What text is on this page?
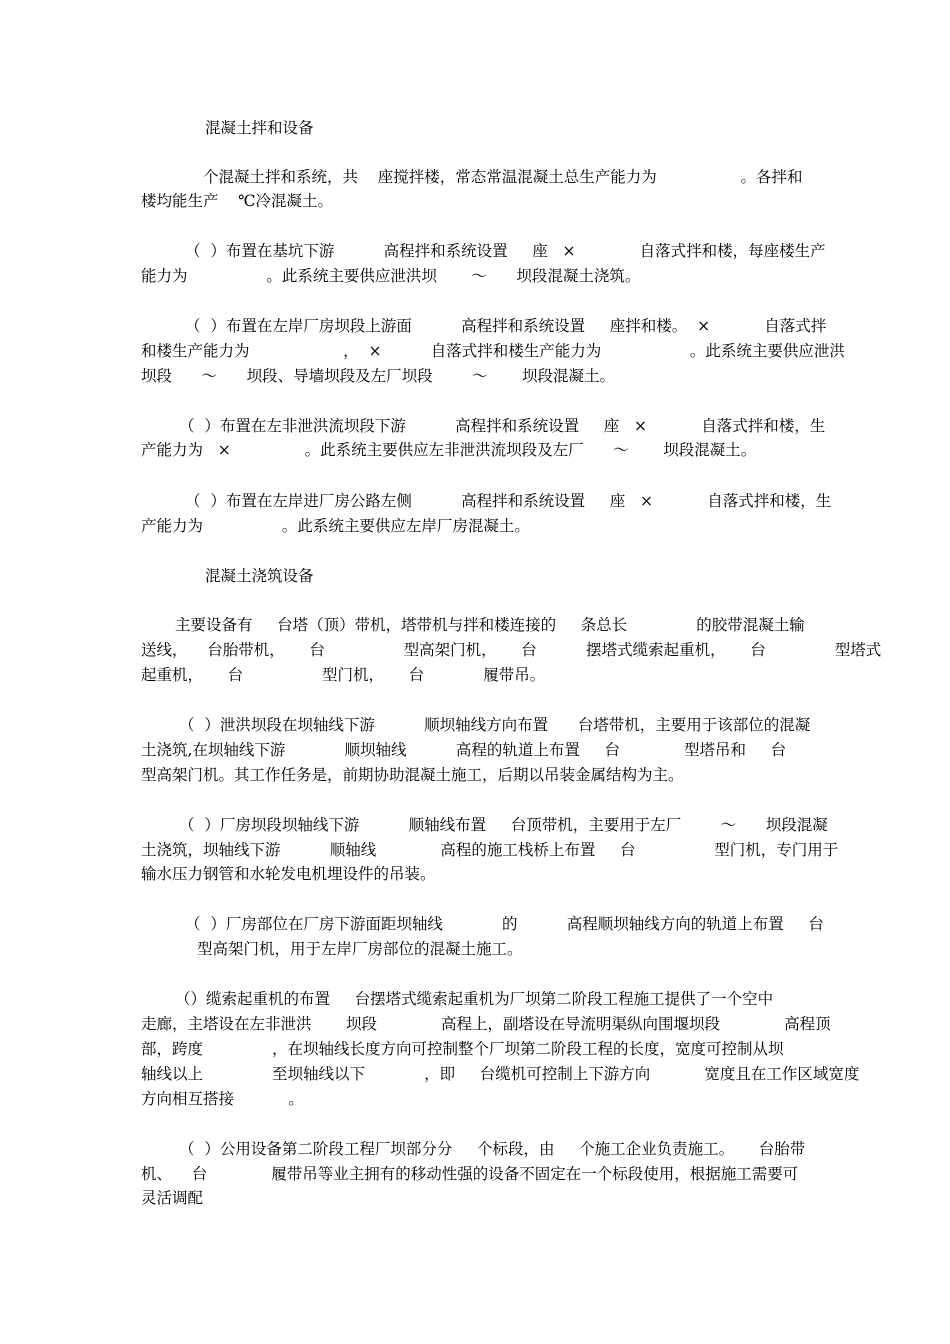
混凝土拌和设备
个混凝土拌和系统，共    座搅拌楼，常态常温混凝土总生产能力为                 。各拌和
楼均能生产    ℃冷混凝土。
（  ）布置在基坑下游          高程拌和系统设置     座   ×             自落式拌和楼，每座楼生产
能力为                。此系统主要供应泄洪坝       ～      坝段混凝土浇筑。
（  ）布置在左岸厂房坝段上游面          高程拌和系统设置     座拌和楼。  ×           自落式拌
和楼生产能力为                   ，  ×          自落式拌和楼生产能力为                  。此系统主要供应泄洪
坝段      ～      坝段、导墙坝段及左厂坝段        ～       坝段混凝土。
（  ）布置在左非泄洪流坝段下游          高程拌和系统设置     座   ×           自落式拌和楼，生
产能力为   ×               。此系统主要供应左非泄洪流坝段及左厂      ～       坝段混凝土。
（  ）布置在左岸进厂房公路左侧          高程拌和系统设置     座   ×           自落式拌和楼，生
产能力为                。此系统主要供应左岸厂房混凝土。
混凝土浇筑设备
主要设备有     台塔（顶）带机，塔带机与拌和楼连接的     条总长              的胶带混凝土输
送线，    台胎带机，     台                型高架门机，     台          摆塔式缆索起重机，     台              型塔式
起重机，     台                型门机，     台            履带吊。
（  ）泄洪坝段在坝轴线下游          顺坝轴线方向布置      台塔带机，主要用于该部位的混凝
土浇筑,在坝轴线下游            顺坝轴线          高程的轨道上布置     台             型塔吊和     台
型高架门机。其工作任务是，前期协助混凝土施工，后期以吊装金属结构为主。
（  ）厂房坝段坝轴线下游          顺轴线布置     台顶带机，主要用于左厂        ～      坝段混凝
土浇筑，坝轴线下游          顺轴线             高程的施工栈桥上布置     台                型门机，专门用于
输水压力钢管和水轮发电机埋设件的吊装。
（  ）厂房部位在厂房下游面距坝轴线            的          高程顺坝轴线方向的轨道上布置     台
型高架门机，用于左岸厂房部位的混凝土施工。
（）缆索起重机的布置     台摆塔式缆索起重机为厂坝第二阶段工程施工提供了一个空中
走廊，主塔设在左非泄洪       坝段             高程上，副塔设在导流明渠纵向围堰坝段             高程顶
部，跨度              ，在坝轴线长度方向可控制整个厂坝第二阶段工程的长度，宽度可控制从坝
轴线以上              至坝轴线以下            ，即     台缆机可控制上下游方向           宽度且在工作区域宽度
方向相互搭接           。
（  ）公用设备第二阶段工程厂坝部分分     个标段，由     个施工企业负责施工。     台胎带
机、    台             履带吊等业主拥有的移动性强的设备不固定在一个标段使用，根据施工需要可
灵活调配
